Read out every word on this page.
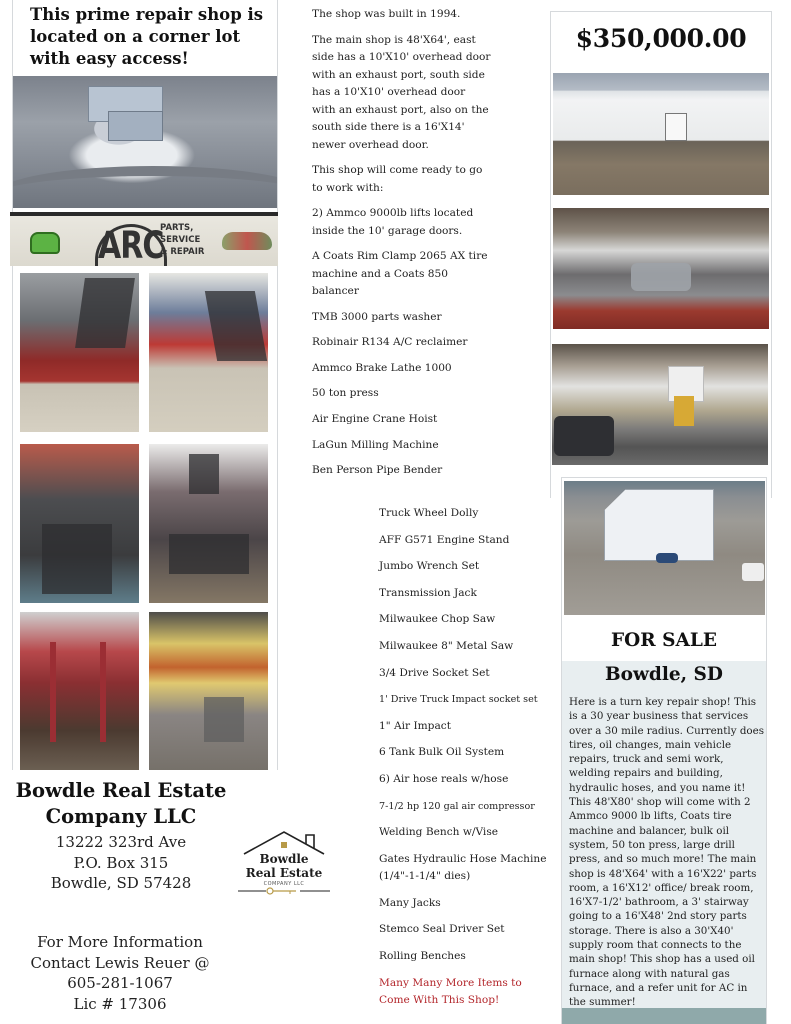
This prime repair shop is located on a corner lot with easy access!
ARC
PARTS,
SERVICE
& REPAIR
Bowdle Real Estate Company LLC
13222 323rd Ave
P.O. Box 315
Bowdle, SD 57428
For More Information
Contact Lewis Reuer @
605-281-1067
Lic # 17306
Bowdle
Real Estate
COMPANY LLC

The shop was built in 1994.

The main shop is 48'X64', east side has a 10'X10' overhead door with an exhaust port, south side has a 10'X10' overhead door with an exhaust port, also on the south side there is a 16'X14' newer overhead door.

This shop will come ready to go to work with:

2) Ammco 9000lb lifts located inside the 10' garage doors.
A Coats Rim Clamp 2065 AX tire machine and a Coats 850 balancer
TMB 3000 parts washer
Robinair R134 A/C reclaimer
Ammco Brake Lathe 1000
50 ton press
Air Engine Crane Hoist
LaGun Milling Machine
Ben Person Pipe Bender
Truck Wheel Dolly
AFF G571 Engine Stand
Jumbo Wrench Set
Transmission Jack
Milwaukee Chop Saw
Milwaukee 8" Metal Saw
3/4 Drive Socket Set
1' Drive Truck Impact socket set
1" Air Impact
6 Tank Bulk Oil System
6) Air hose reals w/hose
7-1/2 hp 120 gal air compressor
Welding Bench w/Vise
Gates Hydraulic Hose Machine (1/4"-1-1/4" dies)
Many Jacks
Stemco Seal Driver Set
Rolling Benches
Many Many More Items to Come With This Shop!
$350,000.00
FOR SALE
Bowdle, SD
Here is a turn key repair shop! This is a 30 year business that services over a 30 mile radius. Currently does tires, oil changes, main vehicle repairs, truck and semi work, welding repairs and building, hydraulic hoses, and you name it! This 48'X80' shop will come with 2 Ammco 9000 lb lifts, Coats tire machine and balancer, bulk oil system, 50 ton press, large drill press, and so much more! The main shop is 48'X64' with a 16'X22' parts room, a 16'X12' office/ break room, 16'X7-1/2' bathroom, a 3' stairway going to a 16'X48' 2nd story parts storage. There is also a 30'X40' supply room that connects to the main shop! This shop has a used oil furnace along with natural gas furnace, and a refer unit for AC in the summer!
